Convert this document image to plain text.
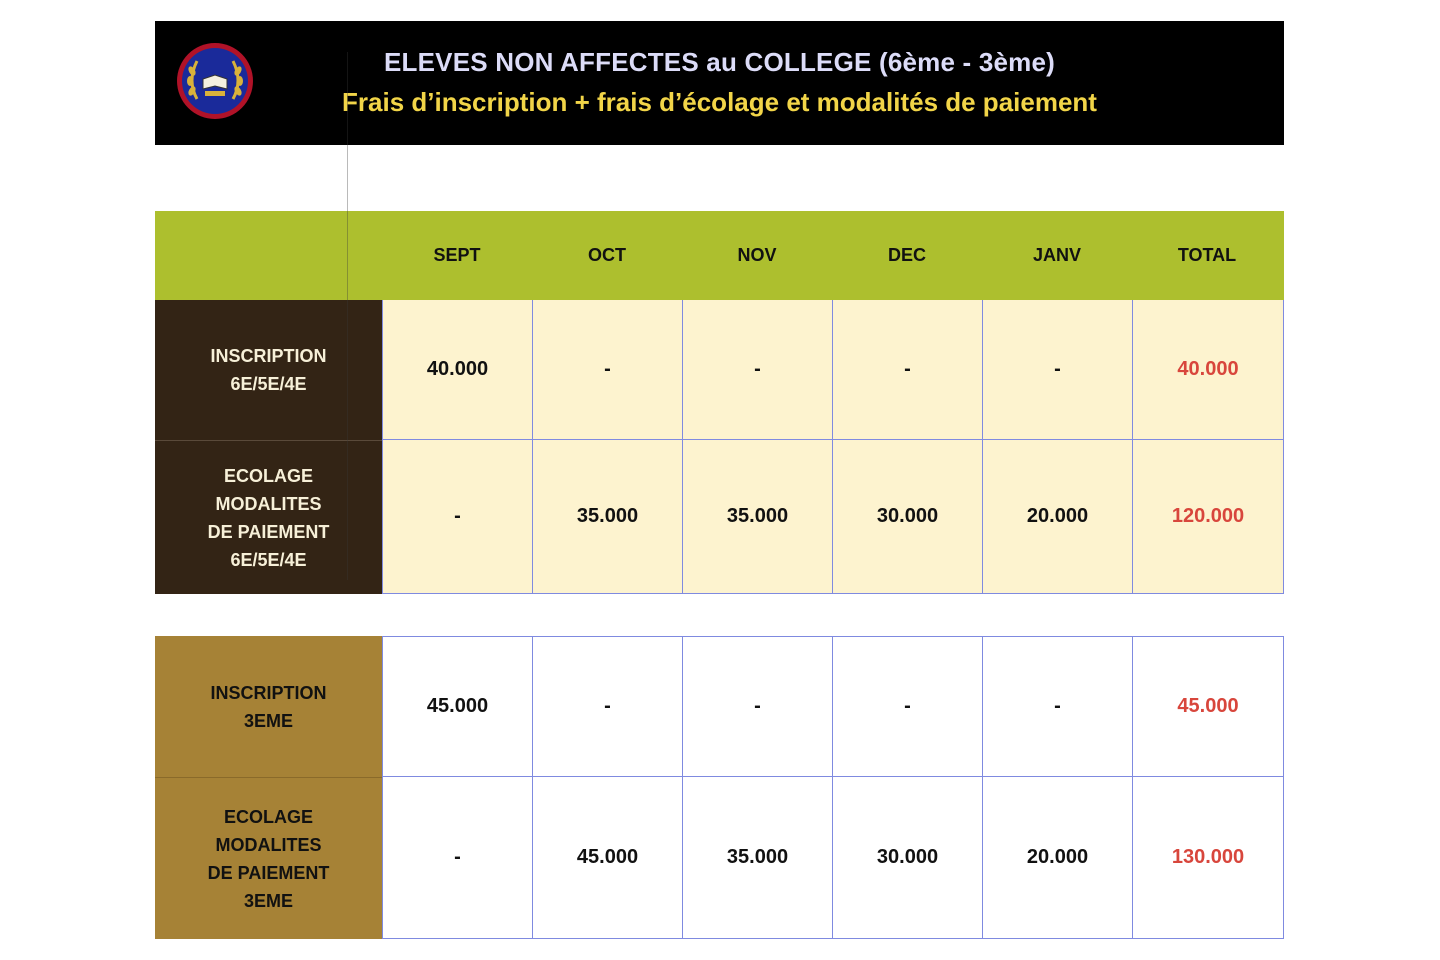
ELEVES NON AFFECTES au COLLEGE (6ème - 3ème)
Frais d’inscription + frais d’écolage et modalités de paiement
SEPT	OCT	NOV	DEC	JANV	TOTAL
INSCRIPTION
6E/5E/4E
40.000	-	-	-	-	40.000
ECOLAGE
MODALITES
DE PAIEMENT
6E/5E/4E
-	35.000	35.000	30.000	20.000	120.000
INSCRIPTION
3EME
45.000	-	-	-	-	45.000
ECOLAGE
MODALITES
DE PAIEMENT
3EME
-	45.000	35.000	30.000	20.000	130.000
